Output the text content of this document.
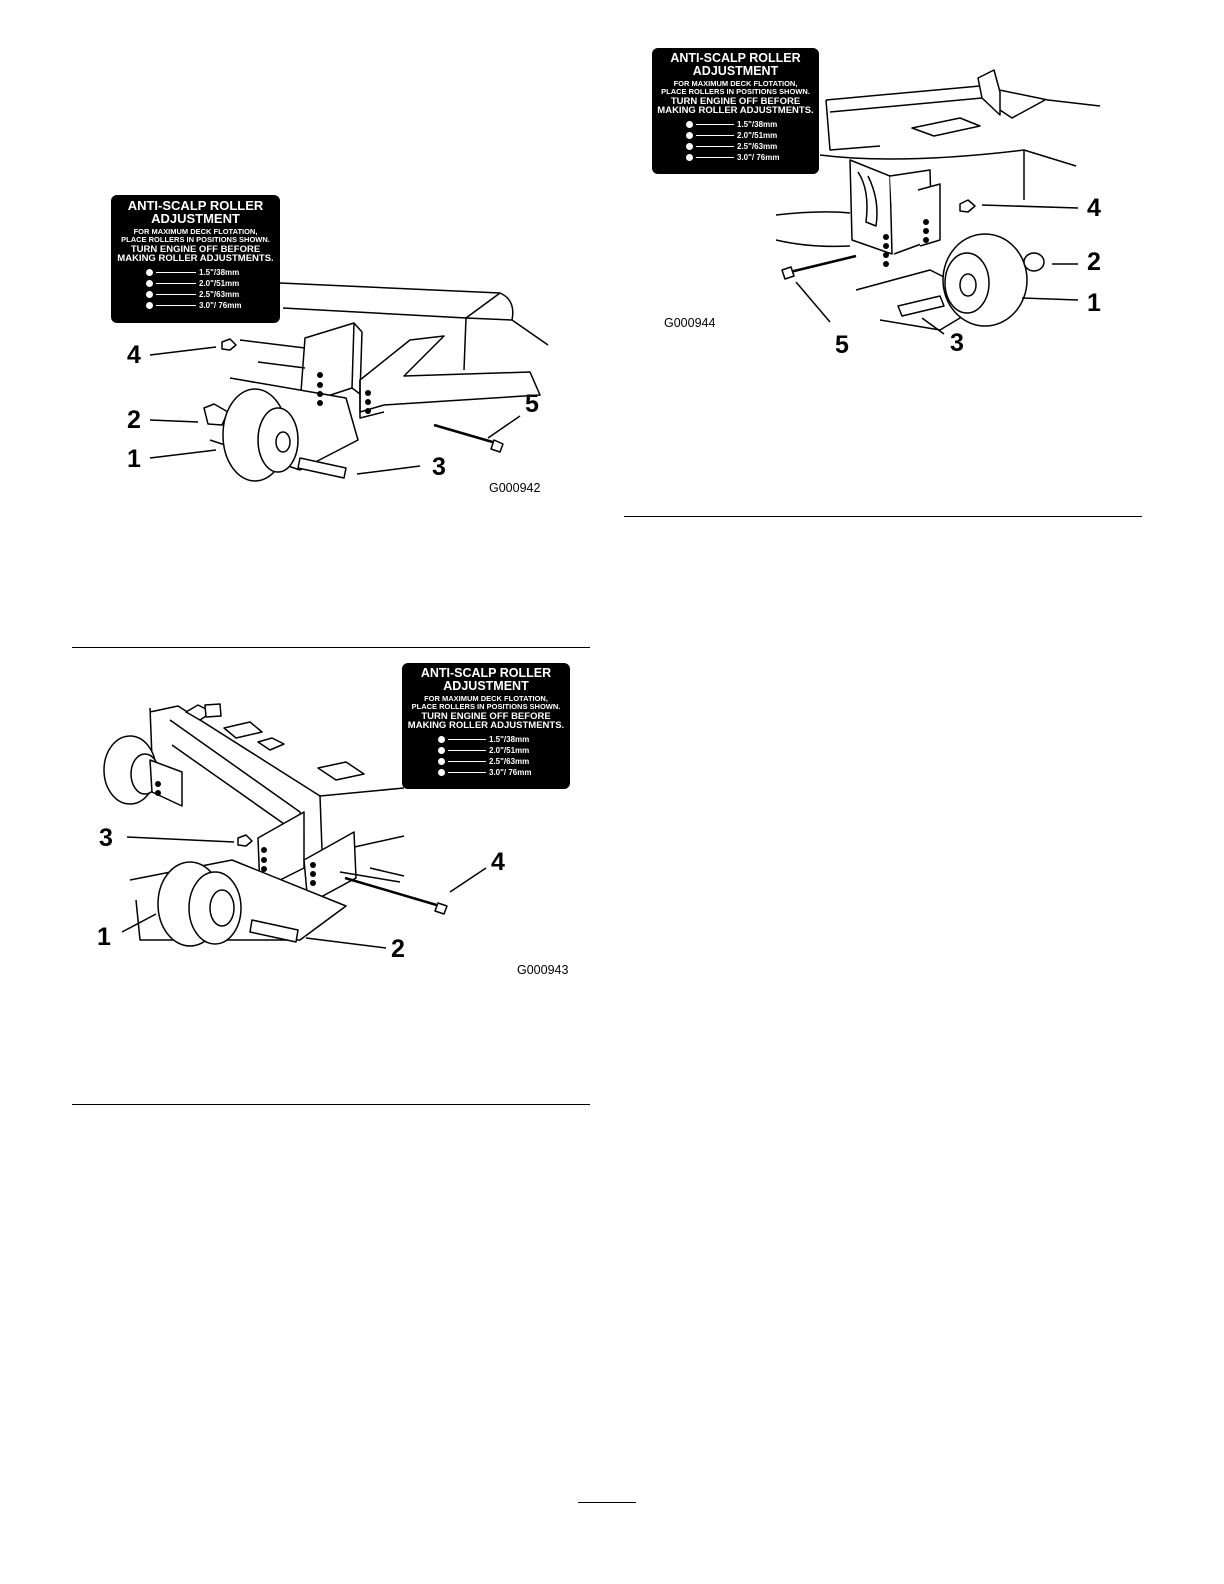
ANTI-SCALP ROLLER
ADJUSTMENT
FOR MAXIMUM DECK FLOTATION,
PLACE ROLLERS IN POSITIONS SHOWN.
TURN ENGINE OFF BEFORE
MAKING ROLLER ADJUSTMENTS.
1.5"/38mm
2.0"/51mm
2.5"/63mm
3.0"/ 76mm
4
2
1	3
5
G000942
ANTI-SCALP ROLLER
ADJUSTMENT
FOR MAXIMUM DECK FLOTATION,
PLACE ROLLERS IN POSITIONS SHOWN.
TURN ENGINE OFF BEFORE
MAKING ROLLER ADJUSTMENTS.
1.5"/38mm
2.0"/51mm
2.5"/63mm
3.0"/ 76mm
3
1	2
4
G000943
ANTI-SCALP ROLLER
ADJUSTMENT
FOR MAXIMUM DECK FLOTATION,
PLACE ROLLERS IN POSITIONS SHOWN.
TURN ENGINE OFF BEFORE
MAKING ROLLER ADJUSTMENTS.
1.5"/38mm
2.0"/51mm
2.5"/63mm
3.0"/ 76mm
4
2
1
5	3
G000944
